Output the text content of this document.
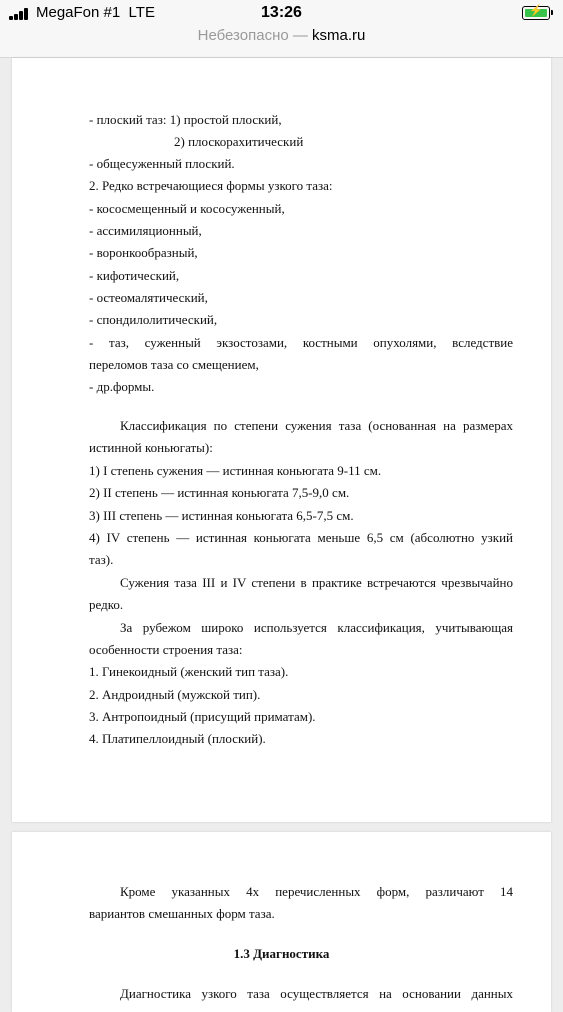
MegaFon #1  LTE	13:26	⚡
Небезопасно — ksma.ru
- плоский таз: 1) простой плоский,
2) плоскорахитический
- общесуженный плоский.
2. Редко встречающиеся формы узкого таза:
- кососмещенный и кососуженный,
- ассимиляционный,
- воронкообразный,
- кифотический,
- остеомалятический,
- спондилолитический,
- таз, суженный экзостозами, костными опухолями, вследствие
переломов таза со смещением,
- др.формы.
Классификация по степени сужения таза (основанная на размерах
истинной коньюгаты):
1) I степень сужения — истинная коньюгата 9-11 см.
2) II степень — истинная коньюгата 7,5-9,0 см.
3) III степень — истинная коньюгата 6,5-7,5 см.
4) IV степень — истинная коньюгата меньше 6,5 см (абсолютно узкий
таз).
Сужения таза III и IV степени в практике встречаются чрезвычайно
редко.
За рубежом широко используется классификация, учитывающая
особенности строения таза:
1. Гинекоидный (женский тип таза).
2. Андроидный (мужской тип).
3. Антропоидный (присущий приматам).
4. Платипеллоидный (плоский).
Кроме указанных 4х перечисленных форм, различают 14
вариантов смешанных форм таза.
1.3 Диагностика
Диагностика узкого таза осуществляется на основании данных
